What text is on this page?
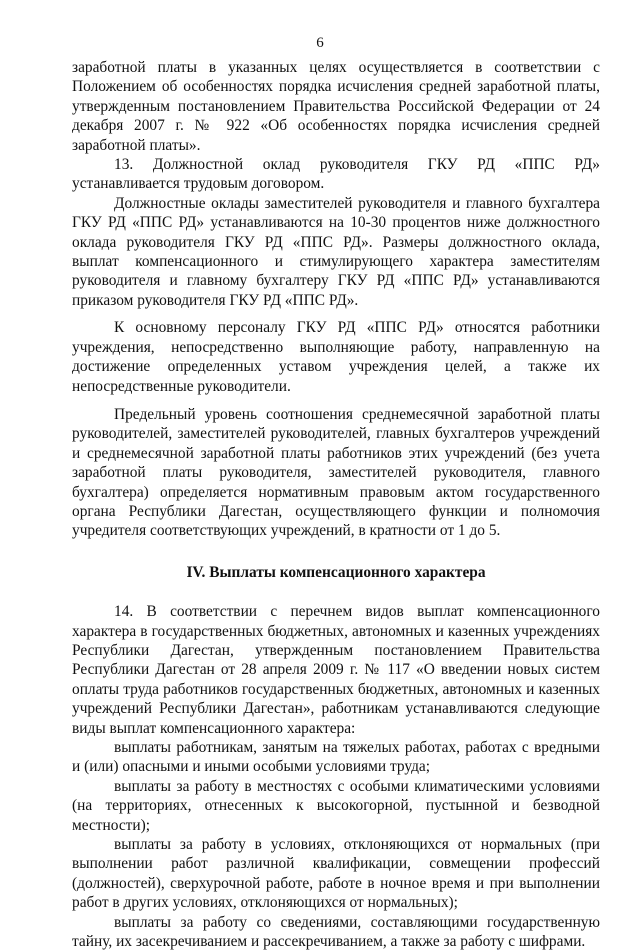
6

заработной платы в указанных целях осуществляется в соответствии с Положением об особенностях порядка исчисления средней заработной платы, утвержденным постановлением Правительства Российской Федерации от 24 декабря 2007 г. № 922 «Об особенностях порядка исчисления средней заработной платы».

13. Должностной оклад руководителя ГКУ РД «ППС РД» устанавливается трудовым договором.

Должностные оклады заместителей руководителя и главного бухгалтера ГКУ РД «ППС РД» устанавливаются на 10-30 процентов ниже должностного оклада руководителя ГКУ РД «ППС РД». Размеры должностного оклада, выплат компенсационного и стимулирующего характера заместителям руководителя и главному бухгалтеру ГКУ РД «ППС РД» устанавливаются приказом руководителя ГКУ РД «ППС РД».

К основному персоналу ГКУ РД «ППС РД» относятся работники учреждения, непосредственно выполняющие работу, направленную на достижение определенных уставом учреждения целей, а также их непосредственные руководители.

Предельный уровень соотношения среднемесячной заработной платы руководителей, заместителей руководителей, главных бухгалтеров учреждений и среднемесячной заработной платы работников этих учреждений (без учета заработной платы руководителя, заместителей руководителя, главного бухгалтера) определяется нормативным правовым актом государственного органа Республики Дагестан, осуществляющего функции и полномочия учредителя соответствующих учреждений, в кратности от 1 до 5.

IV. Выплаты компенсационного характера

14. В соответствии с перечнем видов выплат компенсационного характера в государственных бюджетных, автономных и казенных учреждениях Республики Дагестан, утвержденным постановлением Правительства Республики Дагестан от 28 апреля 2009 г. № 117 «О введении новых систем оплаты труда работников государственных бюджетных, автономных и казенных учреждений Республики Дагестан», работникам устанавливаются следующие виды выплат компенсационного характера:

выплаты работникам, занятым на тяжелых работах, работах с вредными и (или) опасными и иными особыми условиями труда;

выплаты за работу в местностях с особыми климатическими условиями (на территориях, отнесенных к высокогорной, пустынной и безводной местности);

выплаты за работу в условиях, отклоняющихся от нормальных (при выполнении работ различной квалификации, совмещении профессий (должностей), сверхурочной работе, работе в ночное время и при выполнении работ в других условиях, отклоняющихся от нормальных);

выплаты за работу со сведениями, составляющими государственную тайну, их засекречиванием и рассекречиванием, а также за работу с шифрами.
